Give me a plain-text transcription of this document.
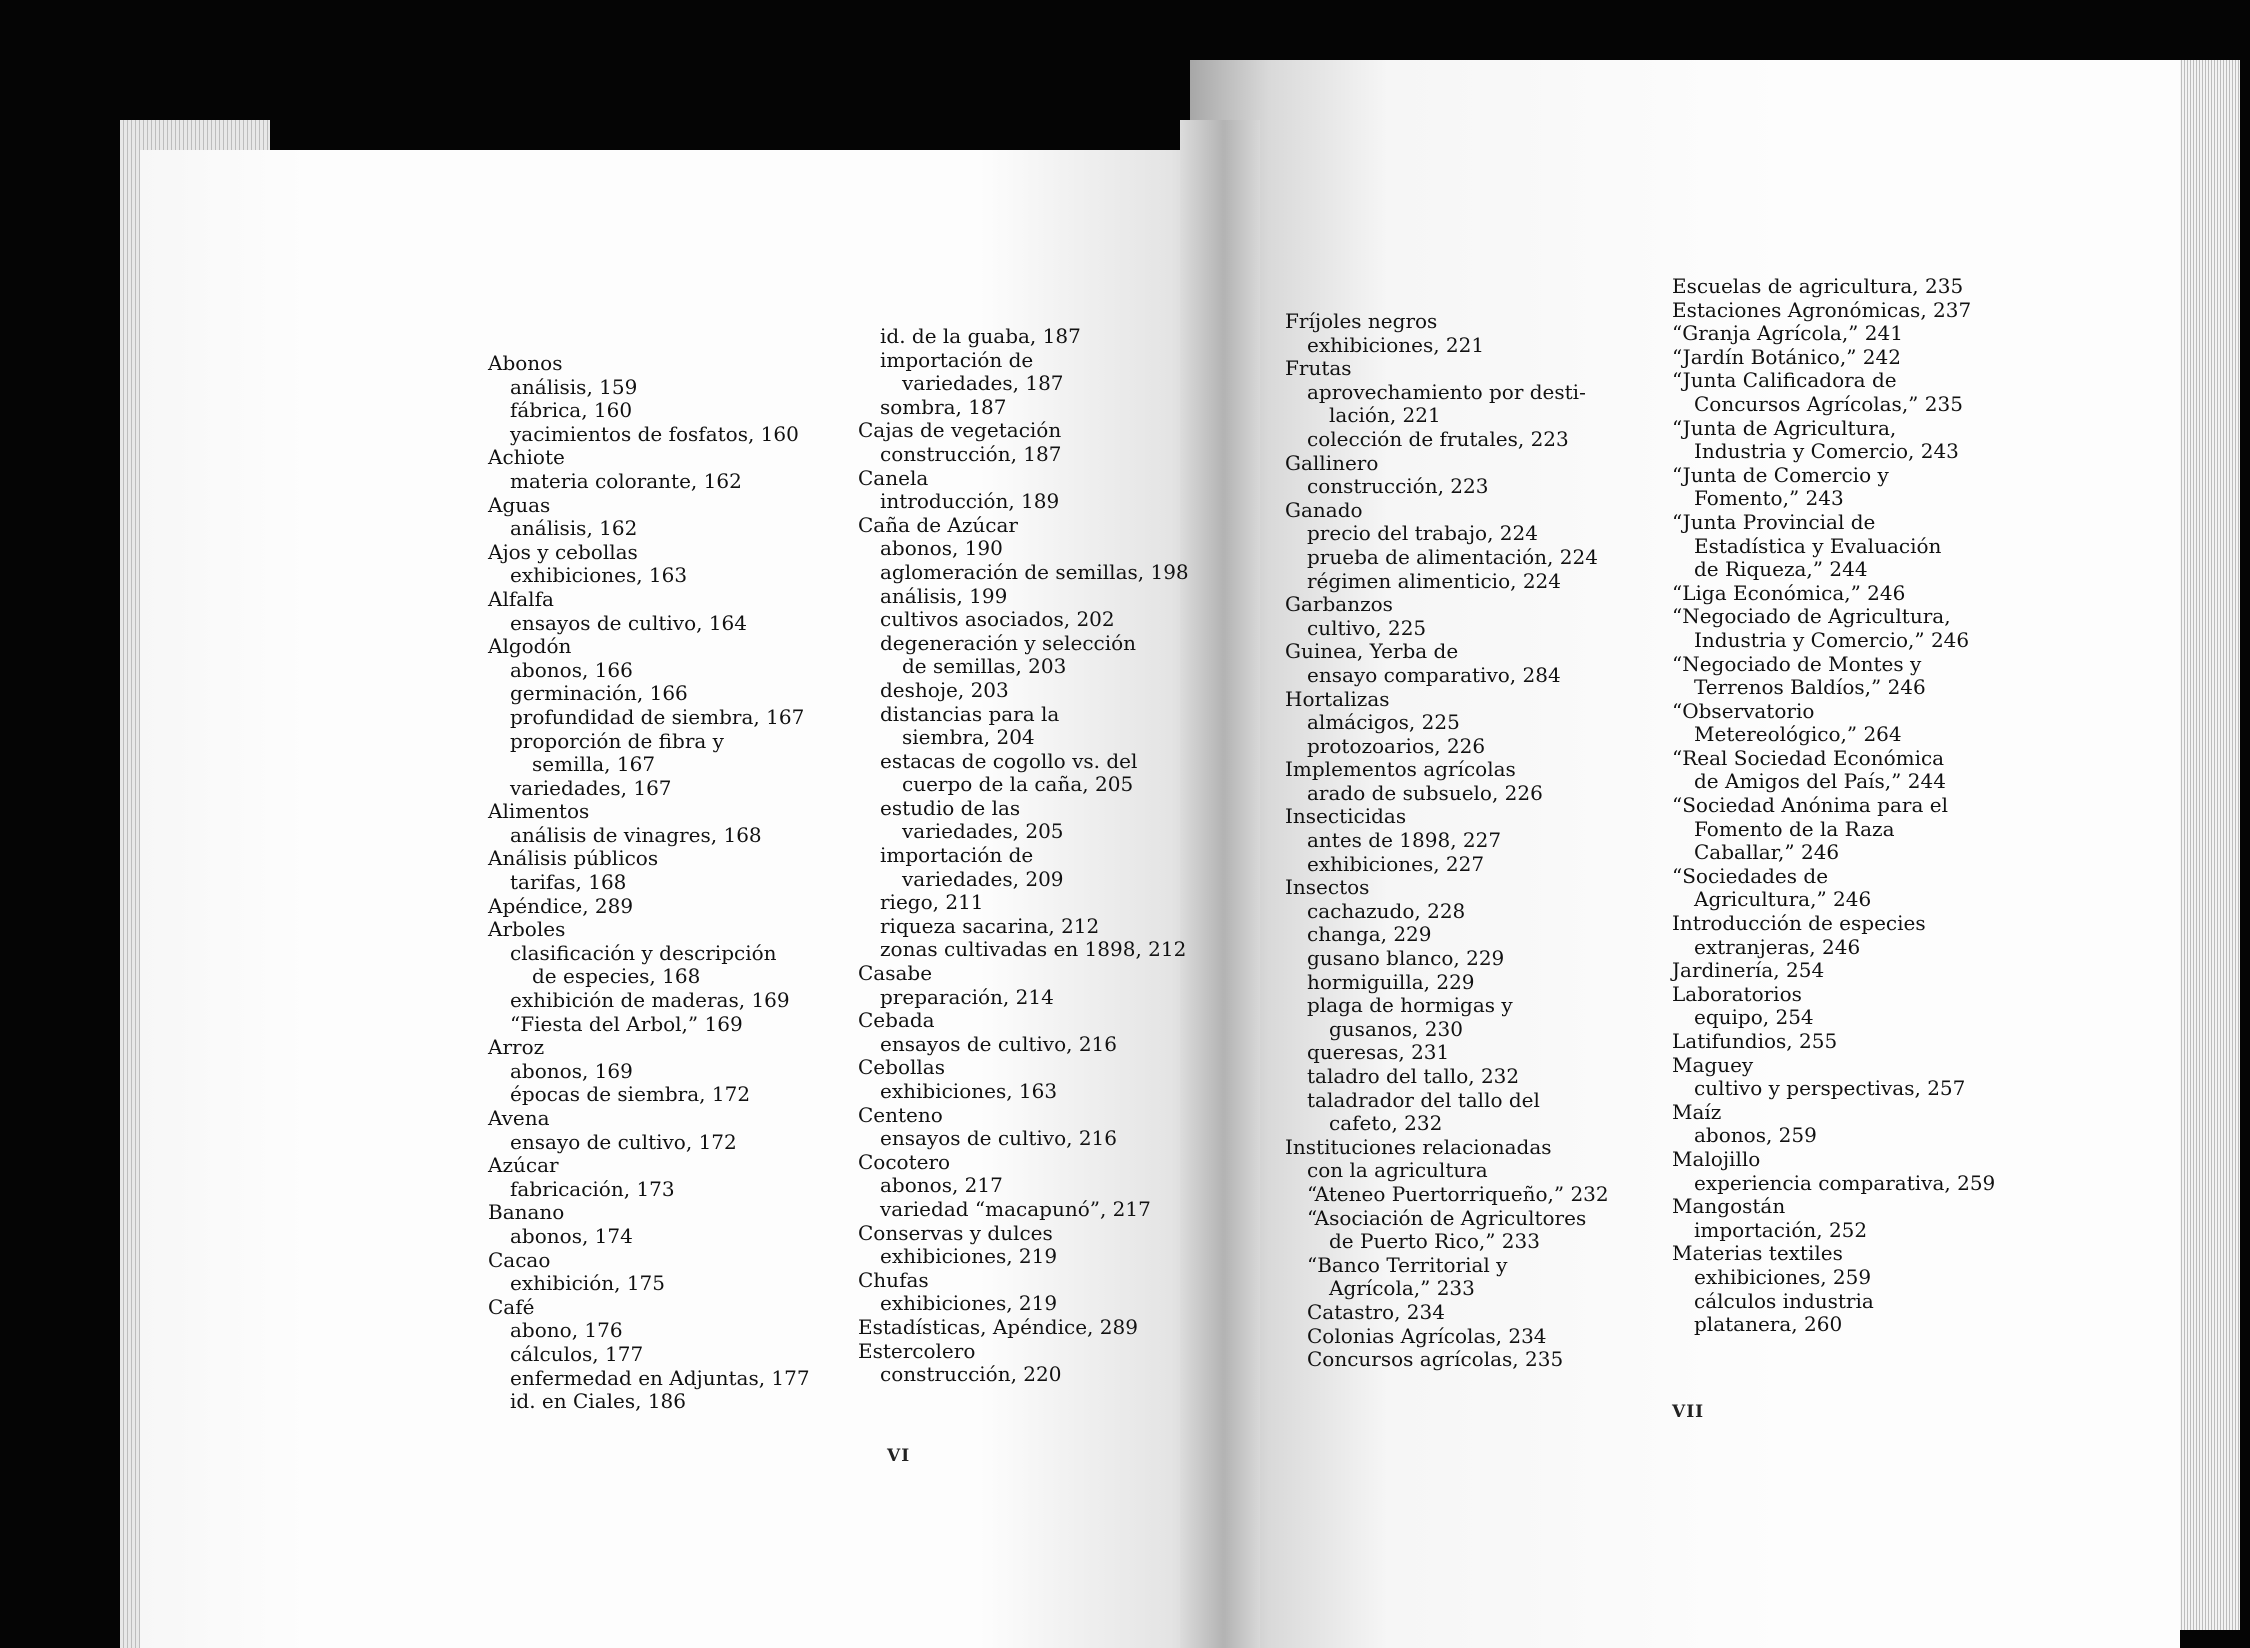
Abonos
análisis, 159
fábrica, 160
yacimientos de fosfatos, 160
Achiote
materia colorante, 162
Aguas
análisis, 162
Ajos y cebollas
exhibiciones, 163
Alfalfa
ensayos de cultivo, 164
Algodón
abonos, 166
germinación, 166
profundidad de siembra, 167
proporción de fibra y
semilla, 167
variedades, 167
Alimentos
análisis de vinagres, 168
Análisis públicos
tarifas, 168
Apéndice, 289
Arboles
clasificación y descripción
de especies, 168
exhibición de maderas, 169
“Fiesta del Arbol,” 169
Arroz
abonos, 169
épocas de siembra, 172
Avena
ensayo de cultivo, 172
Azúcar
fabricación, 173
Banano
abonos, 174
Cacao
exhibición, 175
Café
abono, 176
cálculos, 177
enfermedad en Adjuntas, 177
id. en Ciales, 186
id. de la guaba, 187
importación de
variedades, 187
sombra, 187
Cajas de vegetación
construcción, 187
Canela
introducción, 189
Caña de Azúcar
abonos, 190
aglomeración de semillas, 198
análisis, 199
cultivos asociados, 202
degeneración y selección
de semillas, 203
deshoje, 203
distancias para la
siembra, 204
estacas de cogollo vs. del
cuerpo de la caña, 205
estudio de las
variedades, 205
importación de
variedades, 209
riego, 211
riqueza sacarina, 212
zonas cultivadas en 1898, 212
Casabe
preparación, 214
Cebada
ensayos de cultivo, 216
Cebollas
exhibiciones, 163
Centeno
ensayos de cultivo, 216
Cocotero
abonos, 217
variedad “macapunó”, 217
Conservas y dulces
exhibiciones, 219
Chufas
exhibiciones, 219
Estadísticas, Apéndice, 289
Estercolero
construcción, 220
Fríjoles negros
exhibiciones, 221
Frutas
aprovechamiento por desti-
lación, 221
colección de frutales, 223
Gallinero
construcción, 223
Ganado
precio del trabajo, 224
prueba de alimentación, 224
régimen alimenticio, 224
Garbanzos
cultivo, 225
Guinea, Yerba de
ensayo comparativo, 284
Hortalizas
almácigos, 225
protozoarios, 226
Implementos agrícolas
arado de subsuelo, 226
Insecticidas
antes de 1898, 227
exhibiciones, 227
Insectos
cachazudo, 228
changa, 229
gusano blanco, 229
hormiguilla, 229
plaga de hormigas y
gusanos, 230
queresas, 231
taladro del tallo, 232
taladrador del tallo del
cafeto, 232
Instituciones relacionadas
con la agricultura
“Ateneo Puertorriqueño,” 232
“Asociación de Agricultores
de Puerto Rico,” 233
“Banco Territorial y
Agrícola,” 233
Catastro, 234
Colonias Agrícolas, 234
Concursos agrícolas, 235
Escuelas de agricultura, 235
Estaciones Agronómicas, 237
“Granja Agrícola,” 241
“Jardín Botánico,” 242
“Junta Calificadora de
Concursos Agrícolas,” 235
“Junta de Agricultura,
Industria y Comercio, 243
“Junta de Comercio y
Fomento,” 243
“Junta Provincial de
Estadística y Evaluación
de Riqueza,” 244
“Liga Económica,” 246
“Negociado de Agricultura,
Industria y Comercio,” 246
“Negociado de Montes y
Terrenos Baldíos,” 246
“Observatorio
Metereológico,” 264
“Real Sociedad Económica
de Amigos del País,” 244
“Sociedad Anónima para el
Fomento de la Raza
Caballar,” 246
“Sociedades de
Agricultura,” 246
Introducción de especies
extranjeras, 246
Jardinería, 254
Laboratorios
equipo, 254
Latifundios, 255
Maguey
cultivo y perspectivas, 257
Maíz
abonos, 259
Malojillo
experiencia comparativa, 259
Mangostán
importación, 252
Materias textiles
exhibiciones, 259
cálculos industria
platanera, 260
VI
VII
